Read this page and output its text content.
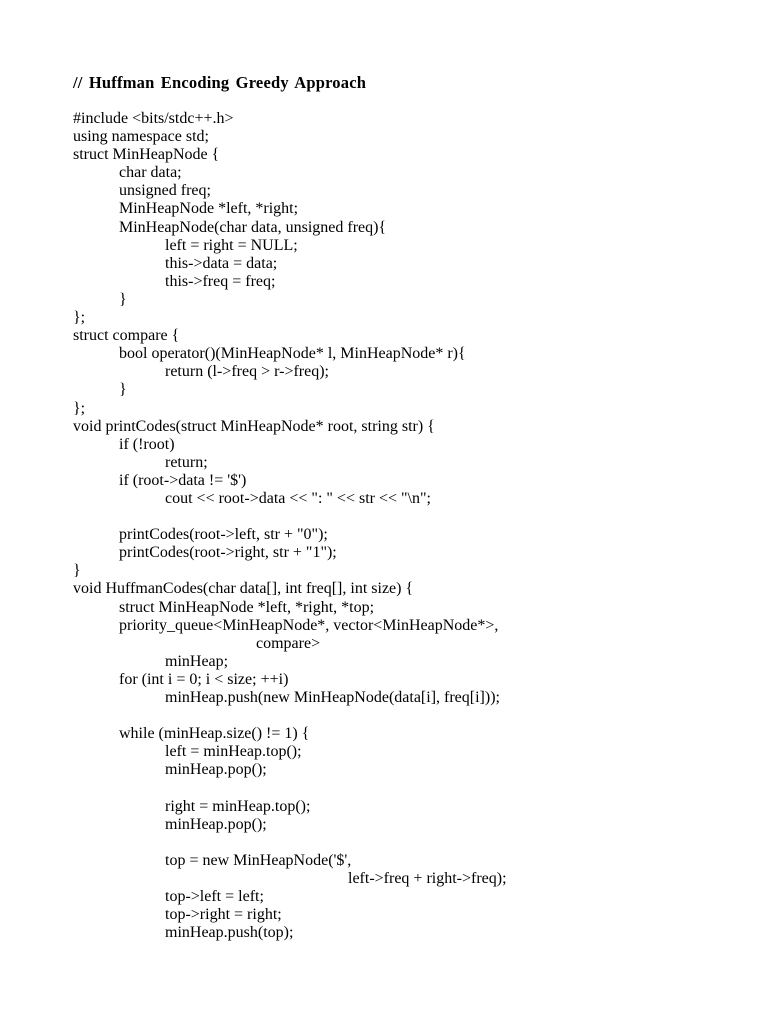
// Huffman Encoding Greedy Approach
#include <bits/stdc++.h>
using namespace std;
struct MinHeapNode {
char data;
unsigned freq;
MinHeapNode *left, *right;
MinHeapNode(char data, unsigned freq){
left = right = NULL;
this->data = data;
this->freq = freq;
}
};
struct compare {
bool operator()(MinHeapNode* l, MinHeapNode* r){
return (l->freq > r->freq);
}
};
void printCodes(struct MinHeapNode* root, string str) {
if (!root)
return;
if (root->data != '$')
cout << root->data << ": " << str << "\n";
printCodes(root->left, str + "0");
printCodes(root->right, str + "1");
}
void HuffmanCodes(char data[], int freq[], int size) {
struct MinHeapNode *left, *right, *top;
priority_queue<MinHeapNode*, vector<MinHeapNode*>,
compare>
minHeap;
for (int i = 0; i < size; ++i)
minHeap.push(new MinHeapNode(data[i], freq[i]));
while (minHeap.size() != 1) {
left = minHeap.top();
minHeap.pop();
right = minHeap.top();
minHeap.pop();
top = new MinHeapNode('$',
left->freq + right->freq);
top->left = left;
top->right = right;
minHeap.push(top);
